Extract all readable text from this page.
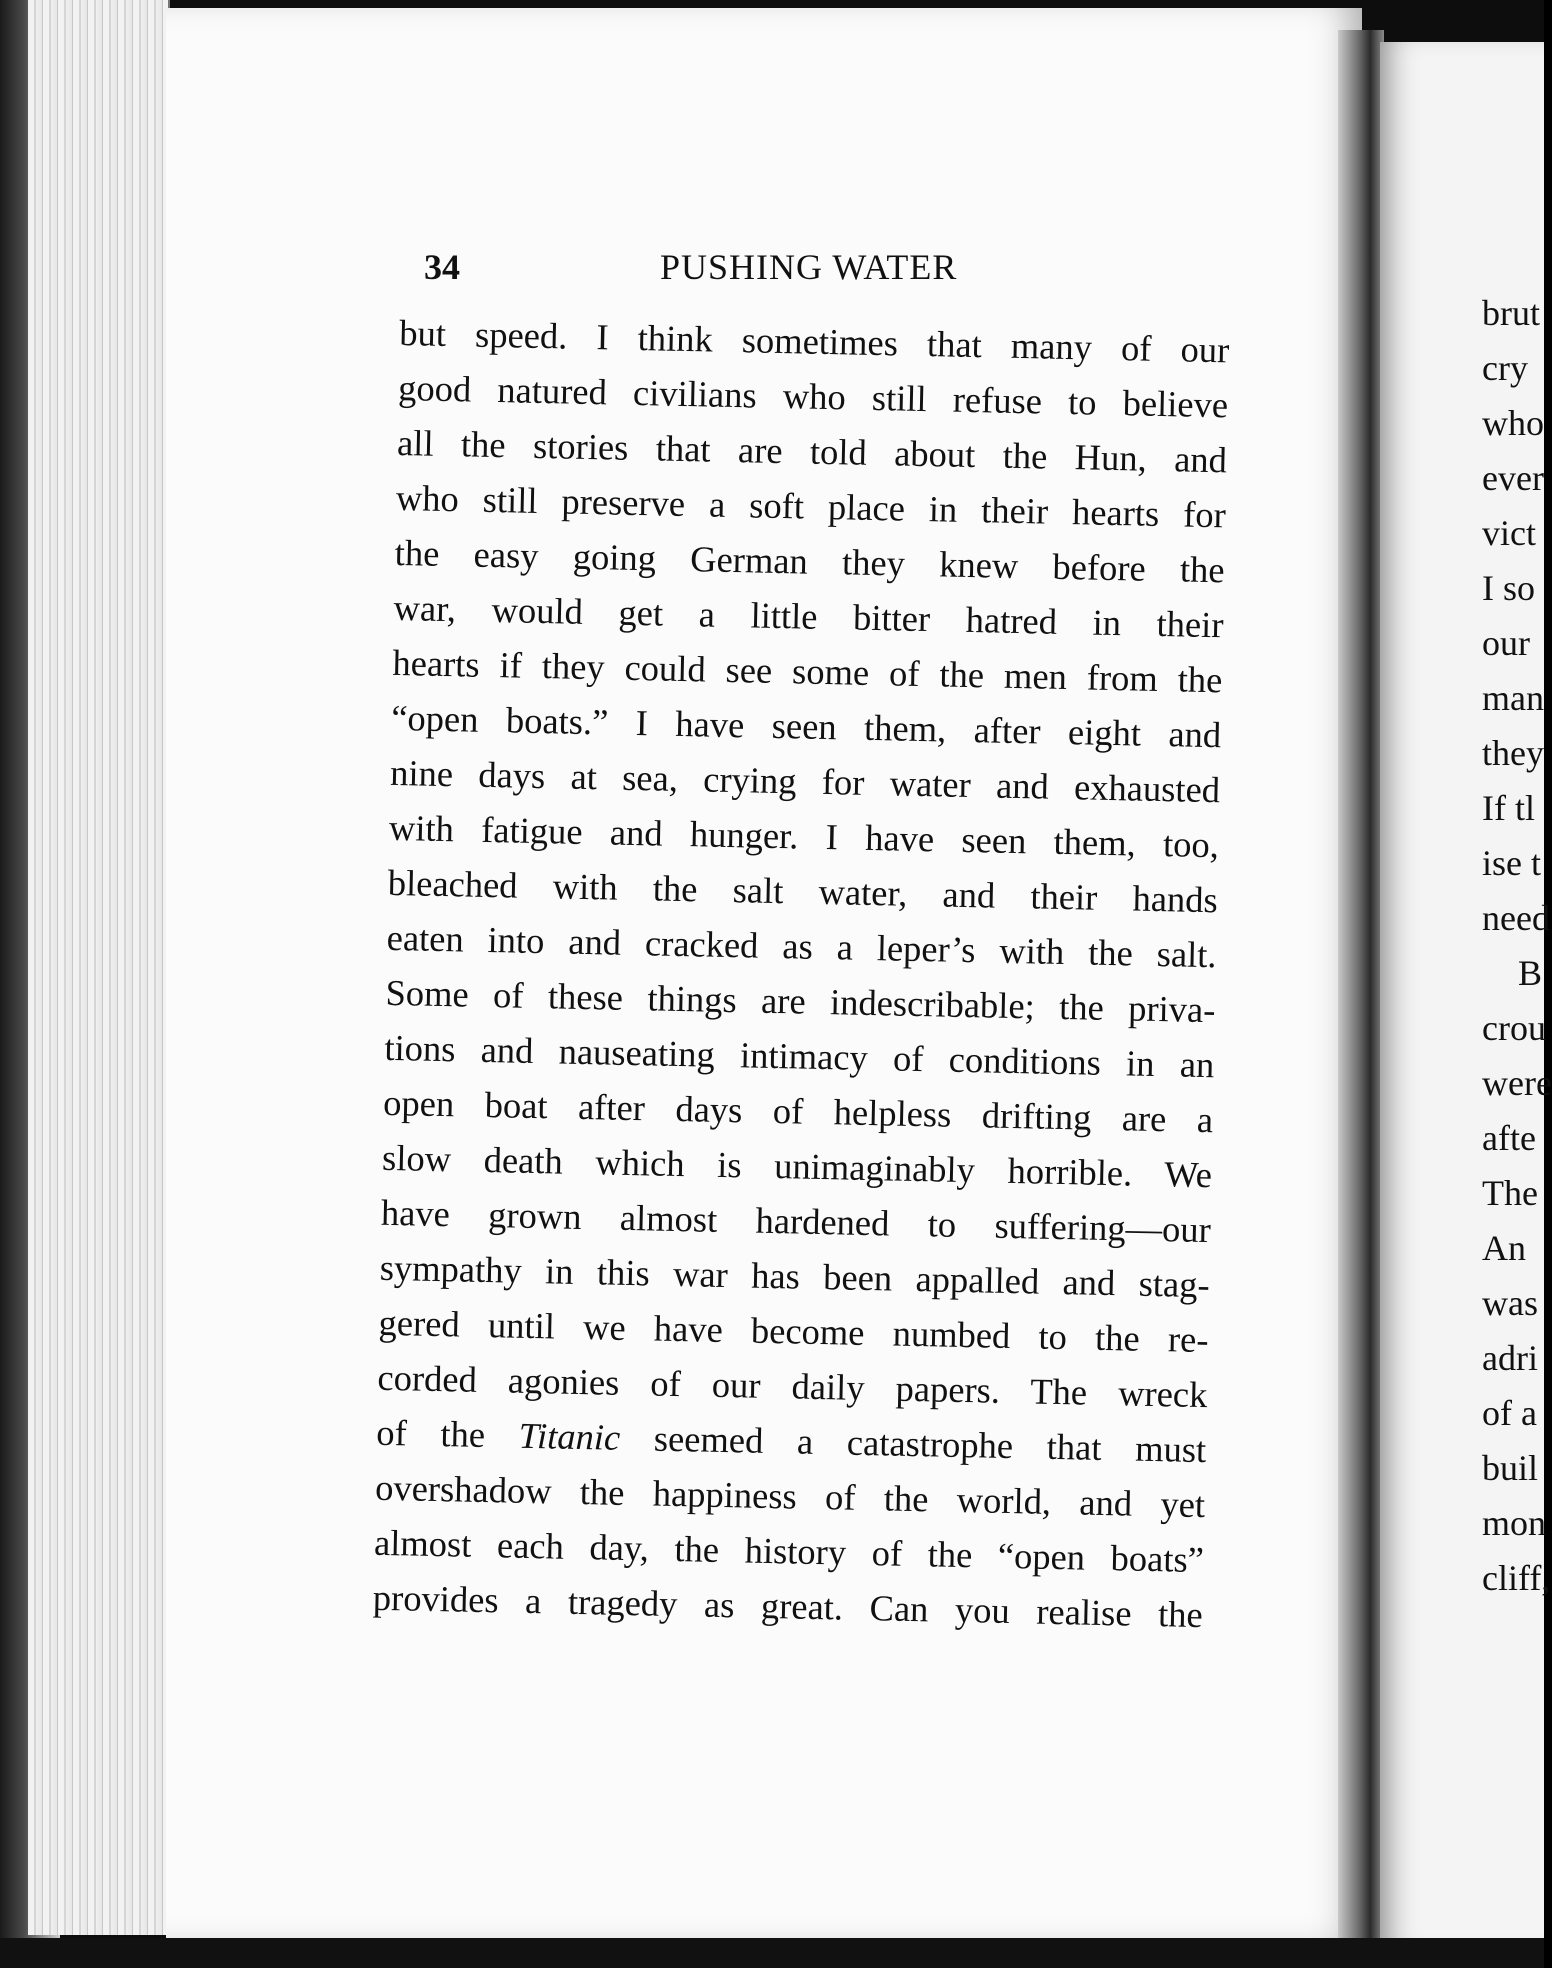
34	PUSHING WATER
but speed. I think sometimes that many of our
good natured civilians who still refuse to believe
all the stories that are told about the Hun, and
who still preserve a soft place in their hearts for
the easy going German they knew before the
war, would get a little bitter hatred in their
hearts if they could see some of the men from the
“open boats.” I have seen them, after eight and
nine days at sea, crying for water and exhausted
with fatigue and hunger. I have seen them, too,
bleached with the salt water, and their hands
eaten into and cracked as a leper’s with the salt.
Some of these things are indescribable; the priva-
tions and nauseating intimacy of conditions in an
open boat after days of helpless drifting are a
slow death which is unimaginably horrible. We
have grown almost hardened to suffering—our
sympathy in this war has been appalled and stag-
gered until we have become numbed to the re-
corded agonies of our daily papers. The wreck
of the Titanic seemed a catastrophe that must
overshadow the happiness of the world, and yet
almost each day, the history of the “open boats”
provides a tragedy as great. Can you realise the
brut
cry
who
ever
vict
I so
our
man
they
If tl
ise t
need
B
crou
were
afte
The
An
was
adri
of a
buil
mon
cliff,
